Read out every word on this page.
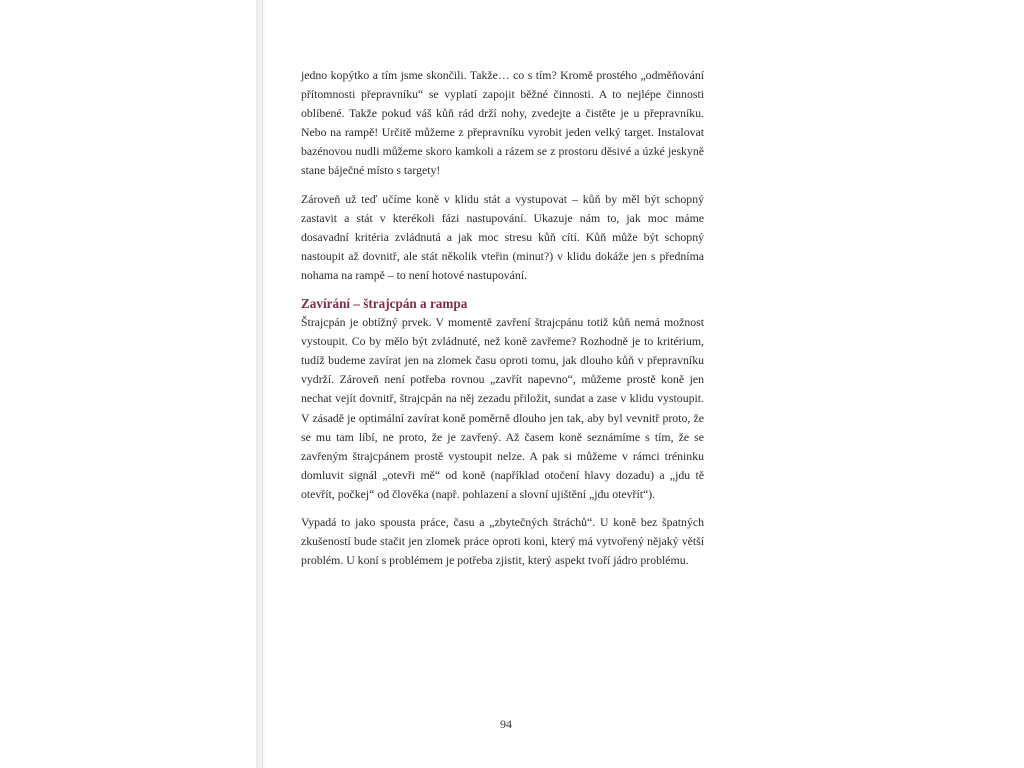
jedno kopýtko a tím jsme skončili. Takže… co s tím? Kromě prostého „odměňování přítomnosti přepravníku“ se vyplatí zapojit běžné činnosti. A to nejlépe činnosti oblíbené. Takže pokud váš kůň rád drží nohy, zvedejte a čistěte je u přepravníku. Nebo na rampě! Určitě můžeme z přepravníku vyrobit jeden velký target. Instalovat bazénovou nudli můžeme skoro kamkoli a rázem se z prostoru děsivé a úzké jeskyně stane báječné místo s targety!

Zároveň už teď učíme koně v klidu stát a vystupovat – kůň by měl být schopný zastavit a stát v kterékoli fázi nastupování. Ukazuje nám to, jak moc máme dosavadní kritéria zvládnutá a jak moc stresu kůň cítí. Kůň může být schopný nastoupit až dovnitř, ale stát několik vteřin (minut?) v klidu dokáže jen s předníma nohama na rampě – to není hotové nastupování.

Zavírání – štrajcpán a rampa

Štrajcpán je obtížný prvek. V momentě zavření štrajcpánu totiž kůň nemá možnost vystoupit. Co by mělo být zvládnuté, než koně zavřeme? Rozhodně je to kritérium, tudíž budeme zavírat jen na zlomek času oproti tomu, jak dlouho kůň v přepravníku vydrží. Zároveň není potřeba rovnou „zavřít napevno“, můžeme prostě koně jen nechat vejít dovnitř, štrajcpán na něj zezadu přiložit, sundat a zase v klidu vystoupit. V zásadě je optimální zavírat koně poměrně dlouho jen tak, aby byl vevnitř proto, že se mu tam líbí, ne proto, že je zavřený. Až časem koně seznámíme s tím, že se zavřeným štrajcpánem prostě vystoupit nelze. A pak si můžeme v rámci tréninku domluvit signál „otevři mě“ od koně (například otočení hlavy dozadu) a „jdu tě otevřít, počkej“ od člověka (např. pohlazení a slovní ujištění „jdu otevřít“).

Vypadá to jako spousta práce, času a „zbytečných štráchů“. U koně bez špatných zkušeností bude stačit jen zlomek práce oproti koni, který má vytvořený nějaký větší problém. U koní s problémem je potřeba zjistit, který aspekt tvoří jádro problému.

94
